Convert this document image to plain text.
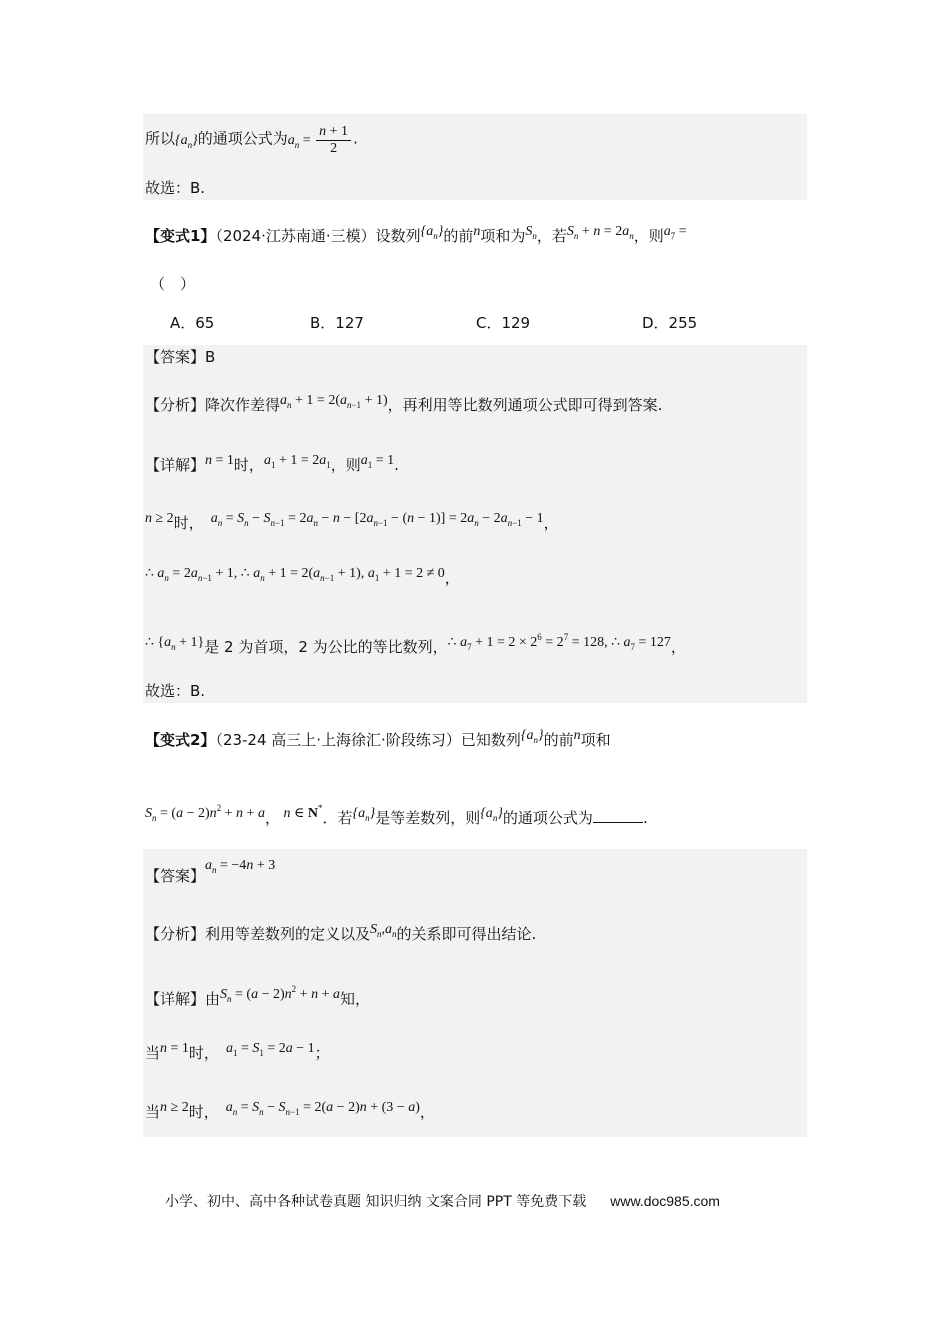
所以$\{a_n\}$的通项公式为$a_n = \frac{n + 1}{2}$ .
故选：B.
【变式1】（2024·江苏南通·三模）设数列$\{a_n\}$的前n项和为$S_n$，若$S_n + n = 2a_n$，则$a_7$ =
（　）
A．65	B．127	C．129	D．255
【答案】B
【分析】降次作差得$a_n + 1 = 2(a_{n-1} + 1)$，再利用等比数列通项公式即可得到答案.
【详解】n = 1时，$a_1 + 1 = 2a_1$，则$a_1 = 1$.
n ≥ 2时，  $a_n = S_n - S_{n-1} = 2a_n - n - [2a_{n-1} - (n - 1)] = 2a_n - 2a_{n-1} - 1$，
∴ $a_n = 2a_{n-1} + 1$, ∴ $a_n + 1 = 2(a_{n-1} + 1)$, $a_1 + 1 = 2 \ne 0$，
∴ $\{a_n + 1\}$是 2 为首项，2 为公比的等比数列，∴ $a_7 + 1 = 2 \times 2^6 = 2^7 = 128$, ∴ $a_7 = 127$，
故选：B.
【变式2】（23-24 高三上·上海徐汇·阶段练习）已知数列$\{a_n\}$的前n项和
$S_n = (a - 2)n^2 + n + a$， n ∈ N*．若$\{a_n\}$是等差数列，则$\{a_n\}$的通项公式为	.
【答案】$a_n = -4n + 3$
【分析】利用等差数列的定义以及$S_n,a_n$的关系即可得出结论.
【详解】由$S_n = (a - 2)n^2 + n + a$知，
当n = 1时，  $a_1 = S_1 = 2a - 1$；
当n ≥ 2时，  $a_n = S_n - S_{n-1} = 2(a - 2)n + (3 - a)$，
小学、初中、高中各种试卷真题 知识归纳 文案合同 PPT 等免费下载 www.doc985.com
